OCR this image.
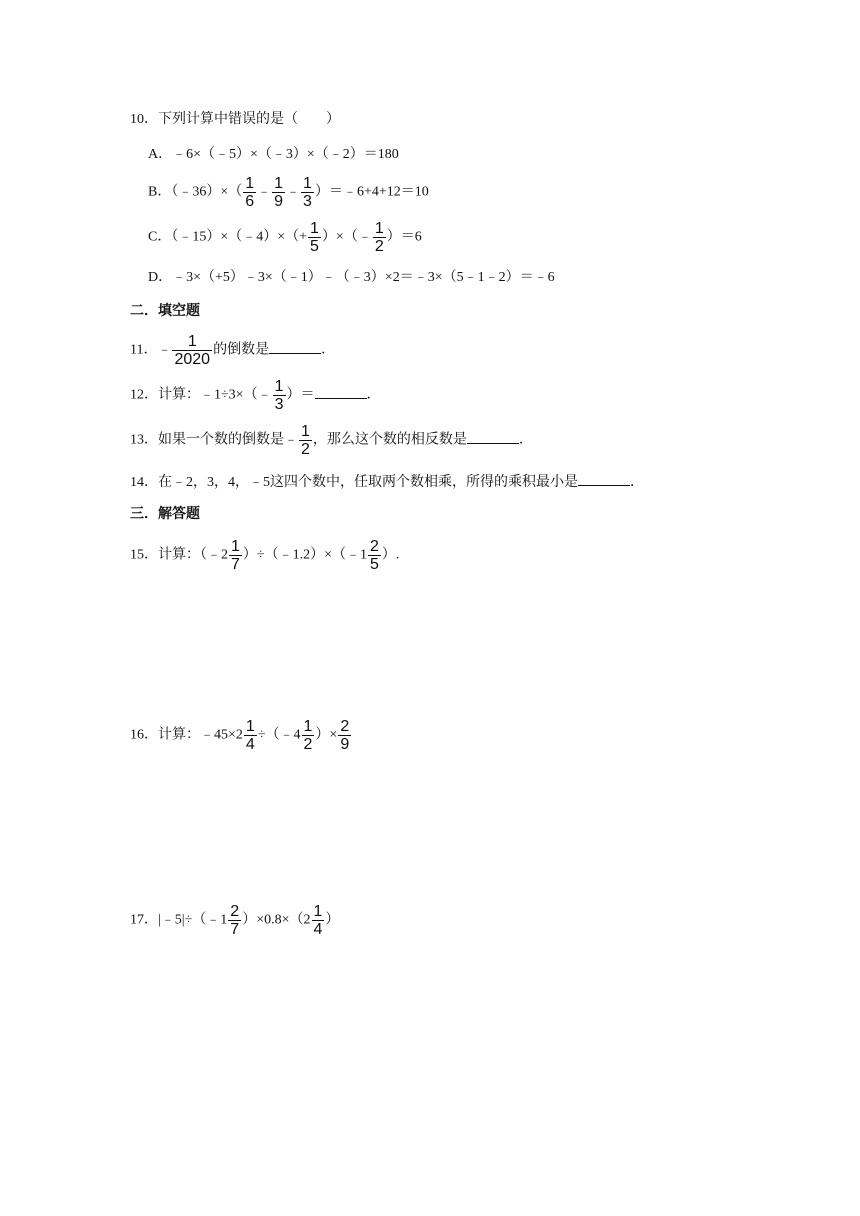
10．下列计算中错误的是（　　）
A．﹣6×（﹣5）×（﹣3）×（﹣2）＝180
B．（﹣36）×（ $\frac{1}{6}$ ﹣ $\frac{1}{9}$ ﹣ $\frac{1}{3}$ ）＝﹣6+4+12＝10
C．（﹣15）×（﹣4）×（+ $\frac{1}{5}$ ）×（﹣ $\frac{1}{2} )=6$
D．﹣3×（+5）﹣3×（﹣1）﹣（﹣3）×2＝﹣3×（5﹣1﹣2）＝﹣6
二．填空题
11．﹣ $\frac{1}{2020}$ 的倒数是	．
12．计算：﹣1÷3×（﹣ $\frac{1}{3}$ ）＝	．
13．如果一个数的倒数是﹣ $\frac{1}{2}$ ，那么这个数的相反数是	．
14．在﹣2，3，4，﹣5这四个数中，任取两个数相乘，所得的乘积最小是	．
三．解答题
15．计算：（﹣2 $\frac{1}{7}$ ）÷（﹣1.2）×（﹣1 $\frac{2}{5}$ ）.
16．计算：﹣45×2 $\frac{1}{4}$ ÷（﹣4 $\frac{1}{2}$ ）× $\frac{2}{9}$
17．|﹣5|÷（﹣1 $\frac{2}{7} )\times 0.8\times(2 \frac{1}{4}$ ）
